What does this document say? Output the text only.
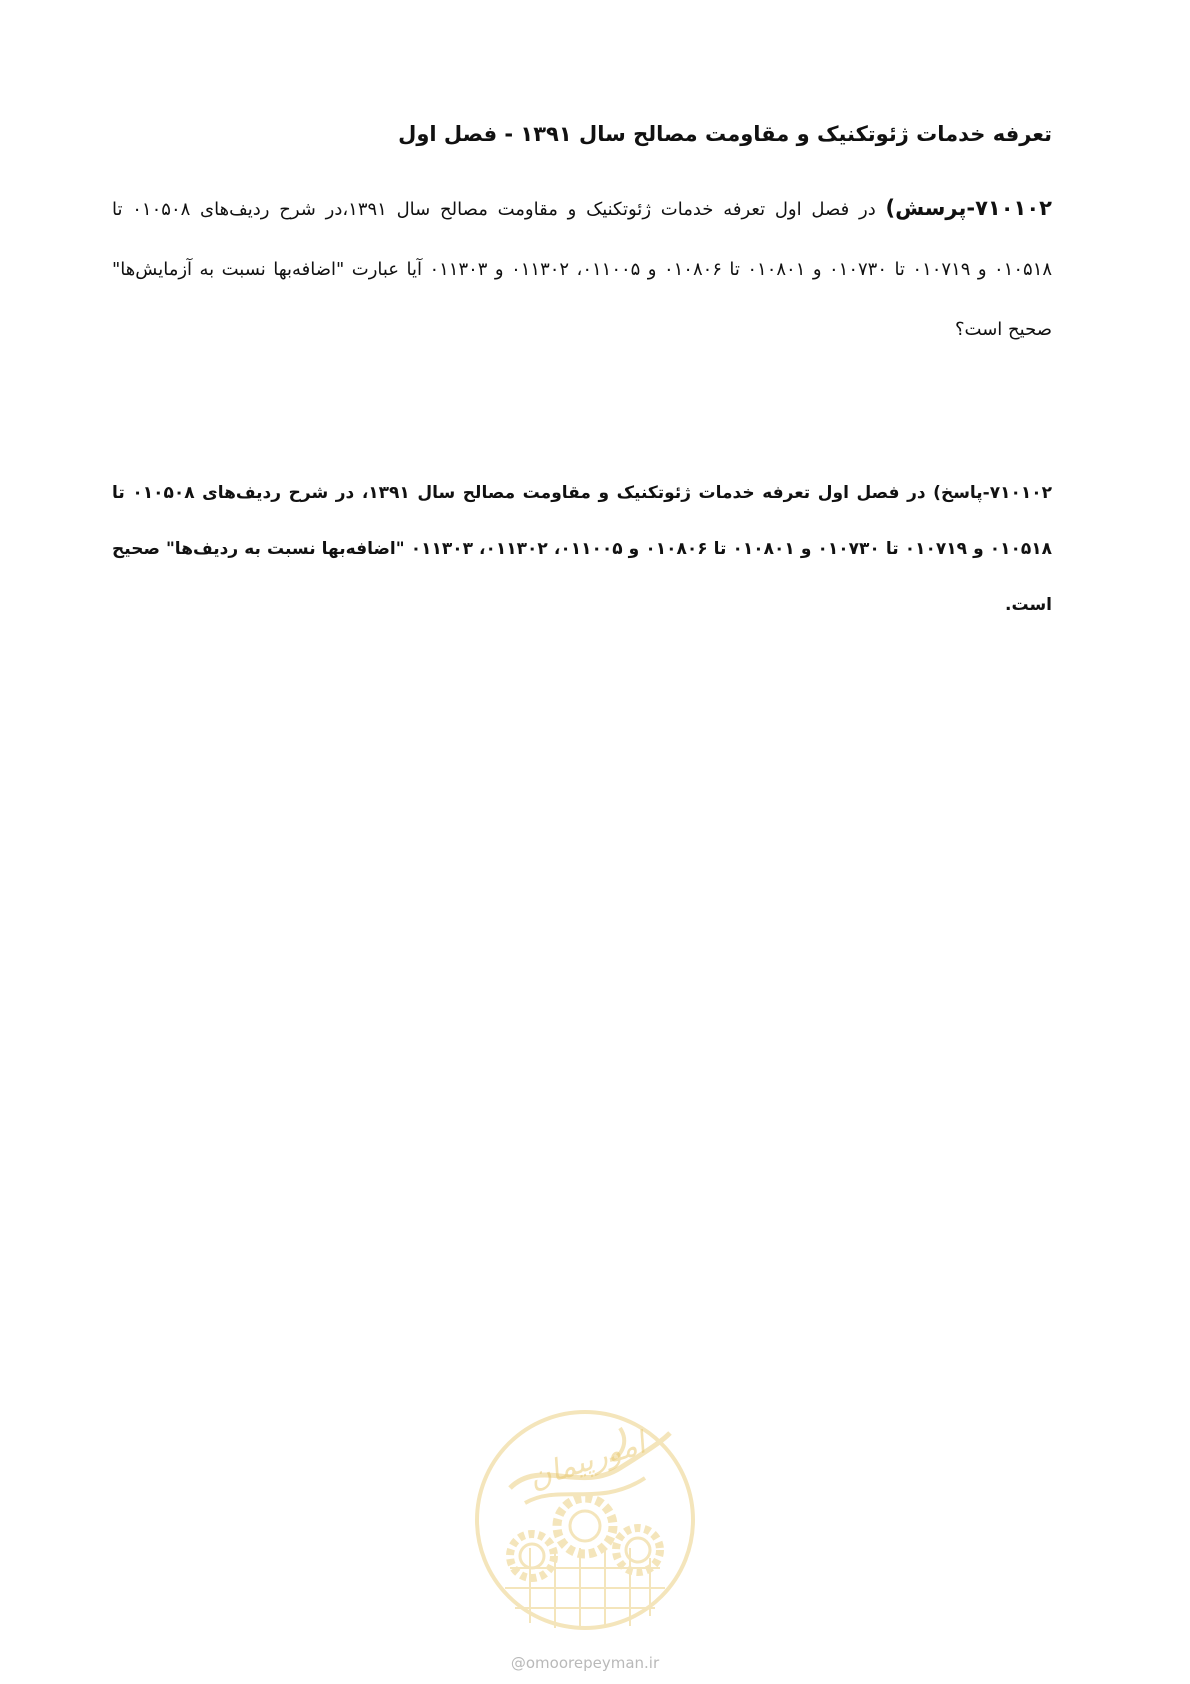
تعرفه خدمات ژئوتکنیک و مقاومت مصالح سال ۱۳۹۱ - فصل اول

۷۱۰۱۰۲-پرسش) در فصل اول تعرفه خدمات ژئوتکنیک و مقاومت مصالح سال ۱۳۹۱،در شرح ردیف‌های ۰۱۰۵۰۸ تا ۰۱۰۵۱۸ و ۰۱۰۷۱۹ تا ۰۱۰۷۳۰ و ۰۱۰۸۰۱ تا ۰۱۰۸۰۶ و ۰۱۱۰۰۵، ۰۱۱۳۰۲ و ۰۱۱۳۰۳ آیا عبارت "اضافه‌بها نسبت به آزمایش‌ها" صحیح است؟

۷۱۰۱۰۲-پاسخ) در فصل اول تعرفه خدمات ژئوتکنیک و مقاومت مصالح سال ۱۳۹۱، در شرح ردیف‌های ۰۱۰۵۰۸ تا ۰۱۰۵۱۸ و ۰۱۰۷۱۹ تا ۰۱۰۷۳۰ و ۰۱۰۸۰۱ تا ۰۱۰۸۰۶ و ۰۱۱۰۰۵، ۰۱۱۳۰۲، ۰۱۱۳۰۳ "اضافه‌بها نسبت به ردیف‌ها" صحیح است.

امورپیمان
@omoorepeyman.ir
